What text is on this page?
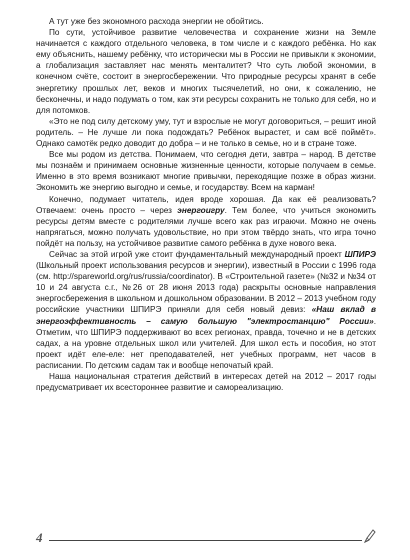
А тут уже без экономного расхода энергии не обойтись.

По сути, устойчивое развитие человечества и сохранение жизни на Земле начинается с каждого отдельного человека, в том числе и с каждого ребёнка. Но как ему объяснить, нашему ребёнку, что исторически мы в России не привыкли к экономии, а глобализация заставляет нас менять менталитет? Что суть любой экономии, в конечном счёте, состоит в энергосбережении. Что природные ресурсы хранят в себе энергетику прошлых лет, веков и многих тысячелетий, но они, к сожалению, не бесконечны, и надо подумать о том, как эти ресурсы сохранить не только для себя, но и для потомков.

«Это не под силу детскому уму, тут и взрослые не могут договориться, – решит иной родитель. – Не лучше ли пока подождать? Ребёнок вырастет, и сам всё поймёт». Однако самотёк редко доводит до добра – и не только в семье, но и в стране тоже.

Все мы родом из детства. Понимаем, что сегодня дети, завтра – народ. В детстве мы познаём и принимаем основные жизненные ценности, которые получаем в семье. Именно в это время возникают многие привычки, перекодящие позже в образ жизни. Экономить же энергию выгодно и семье, и государству. Всем на карман!

Конечно, подумает читатель, идея вроде хорошая. Да как её реализовать? Отвечаем: очень просто – через энергоигру. Тем более, что учиться экономить ресурсы детям вместе с родителями лучше всего как раз играючи. Можно не очень напрягаться, можно получать удовольствие, но при этом твёрдо знать, что игра точно пойдёт на пользу, на устойчивое развитие самого ребёнка в духе нового века.

Сейчас за этой игрой уже стоит фундаментальный международный проект ШПИРЭ (Школьный проект использования ресурсов и энергии), известный в России с 1996 года (см. http://spareworld.org/rus/russia/coordinator). В «Строительной газете» (№32 и №34 от 10 и 24 августа с.г., №26 от 28 июня 2013 года) раскрыты основные направления энергосбережения в школьном и дошкольном образовании. В 2012 – 2013 учебном году российские участники ШПИРЭ приняли для себя новый девиз: «Наш вклад в энергоэффективность – самую большую "электростанцию" России». Отметим, что ШПИРЭ поддерживают во всех регионах, правда, точечно и не в детских садах, а на уровне отдельных школ или учителей. Для школ есть и пособия, но этот проект идёт еле-еле: нет преподавателей, нет учебных программ, нет часов в расписании. По детским садам так и вообще непочатый край.

Наша национальная стратегия действий в интересах детей на 2012 – 2017 годы предусматривает их всестороннее развитие и самореализацию.

4
